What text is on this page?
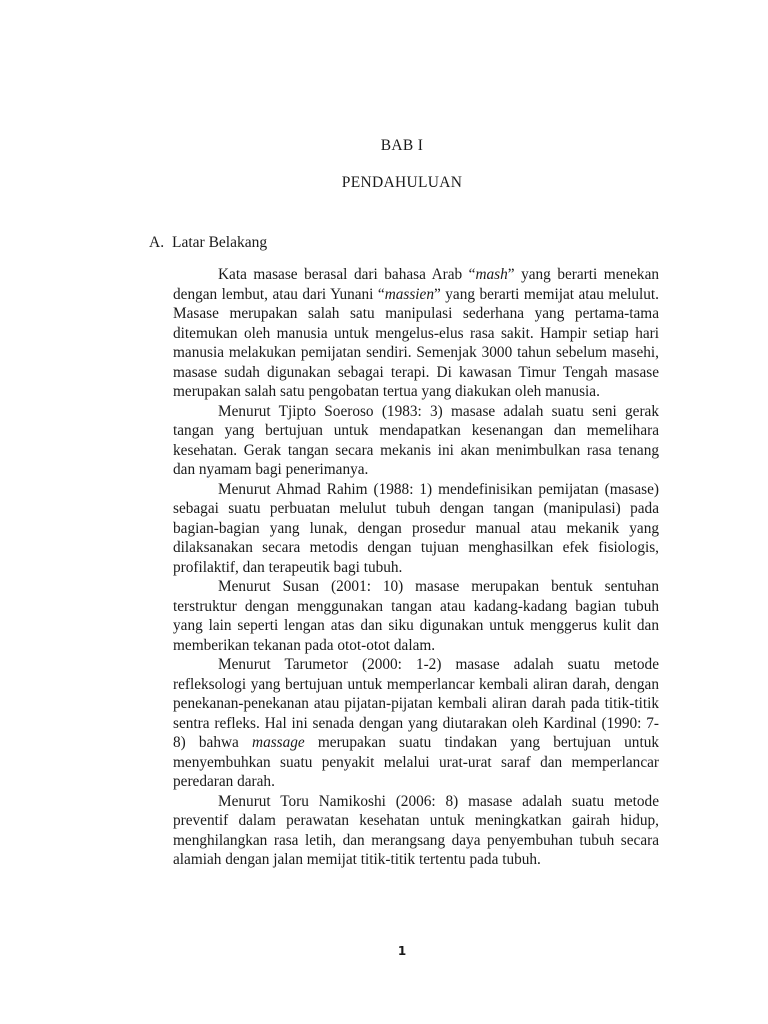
BAB I
PENDAHULUAN
A. Latar Belakang

Kata masase berasal dari bahasa Arab “mash” yang berarti menekan dengan lembut, atau dari Yunani “massien” yang berarti memijat atau melulut. Masase merupakan salah satu manipulasi sederhana yang pertama-tama ditemukan oleh manusia untuk mengelus-elus rasa sakit. Hampir setiap hari manusia melakukan pemijatan sendiri. Semenjak 3000 tahun sebelum masehi, masase sudah digunakan sebagai terapi. Di kawasan Timur Tengah masase merupakan salah satu pengobatan tertua yang diakukan oleh manusia.

Menurut Tjipto Soeroso (1983: 3) masase adalah suatu seni gerak tangan yang bertujuan untuk mendapatkan kesenangan dan memelihara kesehatan. Gerak tangan secara mekanis ini akan menimbulkan rasa tenang dan nyamam bagi penerimanya.

Menurut Ahmad Rahim (1988: 1) mendefinisikan pemijatan (masase) sebagai suatu perbuatan melulut tubuh dengan tangan (manipulasi) pada bagian-bagian yang lunak, dengan prosedur manual atau mekanik yang dilaksanakan secara metodis dengan tujuan menghasilkan efek fisiologis, profilaktif, dan terapeutik bagi tubuh.

Menurut Susan (2001: 10) masase merupakan bentuk sentuhan terstruktur dengan menggunakan tangan atau kadang-kadang bagian tubuh yang lain seperti lengan atas dan siku digunakan untuk menggerus kulit dan memberikan tekanan pada otot-otot dalam.

Menurut Tarumetor (2000: 1-2) masase adalah suatu metode refleksologi yang bertujuan untuk memperlancar kembali aliran darah, dengan penekanan-penekanan atau pijatan-pijatan kembali aliran darah pada titik-titik sentra refleks. Hal ini senada dengan yang diutarakan oleh Kardinal (1990: 7-8) bahwa massage merupakan suatu tindakan yang bertujuan untuk menyembuhkan suatu penyakit melalui urat-urat saraf dan memperlancar peredaran darah.

Menurut Toru Namikoshi (2006: 8) masase adalah suatu metode preventif dalam perawatan kesehatan untuk meningkatkan gairah hidup, menghilangkan rasa letih, dan merangsang daya penyembuhan tubuh secara alamiah dengan jalan memijat titik-titik tertentu pada tubuh.

1
